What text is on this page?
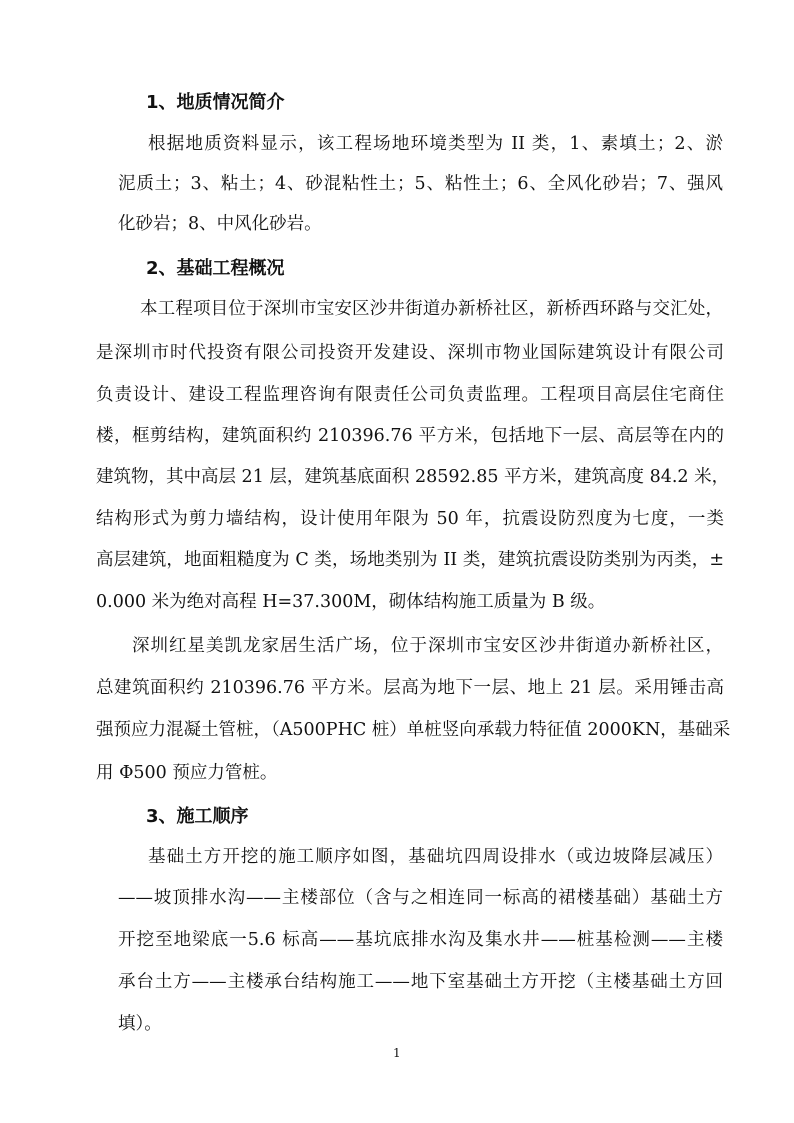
1、地质情况简介
根据地质资料显示，该工程场地环境类型为 II 类，1、素填土；2、淤
泥质土；3、粘土；4、砂混粘性土；5、粘性土；6、全风化砂岩；7、强风
化砂岩；8、中风化砂岩。
2、基础工程概况
本工程项目位于深圳市宝安区沙井街道办新桥社区，新桥西环路与交汇处，
是深圳市时代投资有限公司投资开发建设、深圳市物业国际建筑设计有限公司
负责设计、建设工程监理咨询有限责任公司负责监理。工程项目高层住宅商住
楼，框剪结构，建筑面积约 210396.76 平方米，包括地下一层、高层等在内的
建筑物，其中高层 21 层，建筑基底面积 28592.85 平方米，建筑高度 84.2 米，
结构形式为剪力墙结构，设计使用年限为 50 年，抗震设防烈度为七度，一类
高层建筑，地面粗糙度为 C 类，场地类别为 II 类，建筑抗震设防类别为丙类，±
0.000 米为绝对高程 H=37.300M，砌体结构施工质量为 B 级。
深圳红星美凯龙家居生活广场，位于深圳市宝安区沙井街道办新桥社区，
总建筑面积约 210396.76 平方米。层高为地下一层、地上 21 层。采用锤击高
强预应力混凝土管桩，（A500PHC 桩）单桩竖向承载力特征值 2000KN，基础采
用 Φ500 预应力管桩。
3、施工顺序
基础土方开挖的施工顺序如图，基础坑四周设排水（或边坡降层减压）
——坡顶排水沟——主楼部位（含与之相连同一标高的裙楼基础）基础土方
开挖至地梁底一5.6 标高——基坑底排水沟及集水井——桩基检测——主楼
承台土方——主楼承台结构施工——地下室基础土方开挖（主楼基础土方回
填）。
1
